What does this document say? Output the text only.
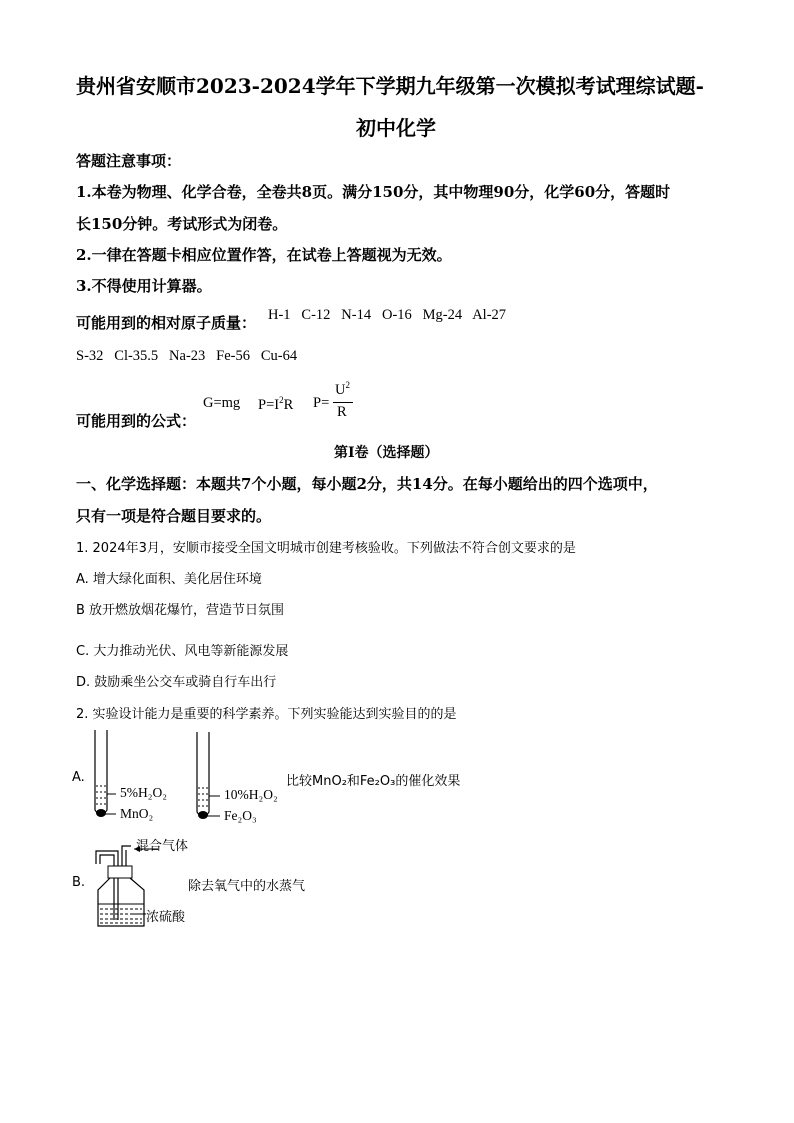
贵州省安顺市2023-2024学年下学期九年级第一次模拟考试理综试题-
初中化学
答题注意事项：
1.本卷为物理、化学合卷，全卷共8页。满分150分，其中物理90分，化学60分，答题时
长150分钟。考试形式为闭卷。
2.一律在答题卡相应位置作答，在试卷上答题视为无效。
3.不得使用计算器。
可能用到的相对原子质量： H-1   C-12   N-14   O-16   Mg-24   Al-27
S-32   Cl-35.5   Na-23   Fe-56   Cu-64
可能用到的公式：
G=mg $P=I^2R$ P=
$U^2$
R
第Ⅰ卷（选择题）
一、化学选择题：本题共7个小题，每小题2分，共14分。在每小题给出的四个选项中，
只有一项是符合题目要求的。
1. 2024年3月，安顺市接受全国文明城市创建考核验收。下列做法不符合创文要求的是
A. 增大绿化面积、美化居住环境
B 放开燃放烟花爆竹，营造节日氛围
C. 大力推动光伏、风电等新能源发展
D. 鼓励乘坐公交车或骑自行车出行
2. 实验设计能力是重要的科学素养。下列实验能达到实验目的的是
A.
5%H₂O₂
MnO₂
10%H₂O₂
Fe₂O₃
比较MnO₂和Fe₂O₃的催化效果
B.
混合气体
浓硫酸
除去氧气中的水蒸气
